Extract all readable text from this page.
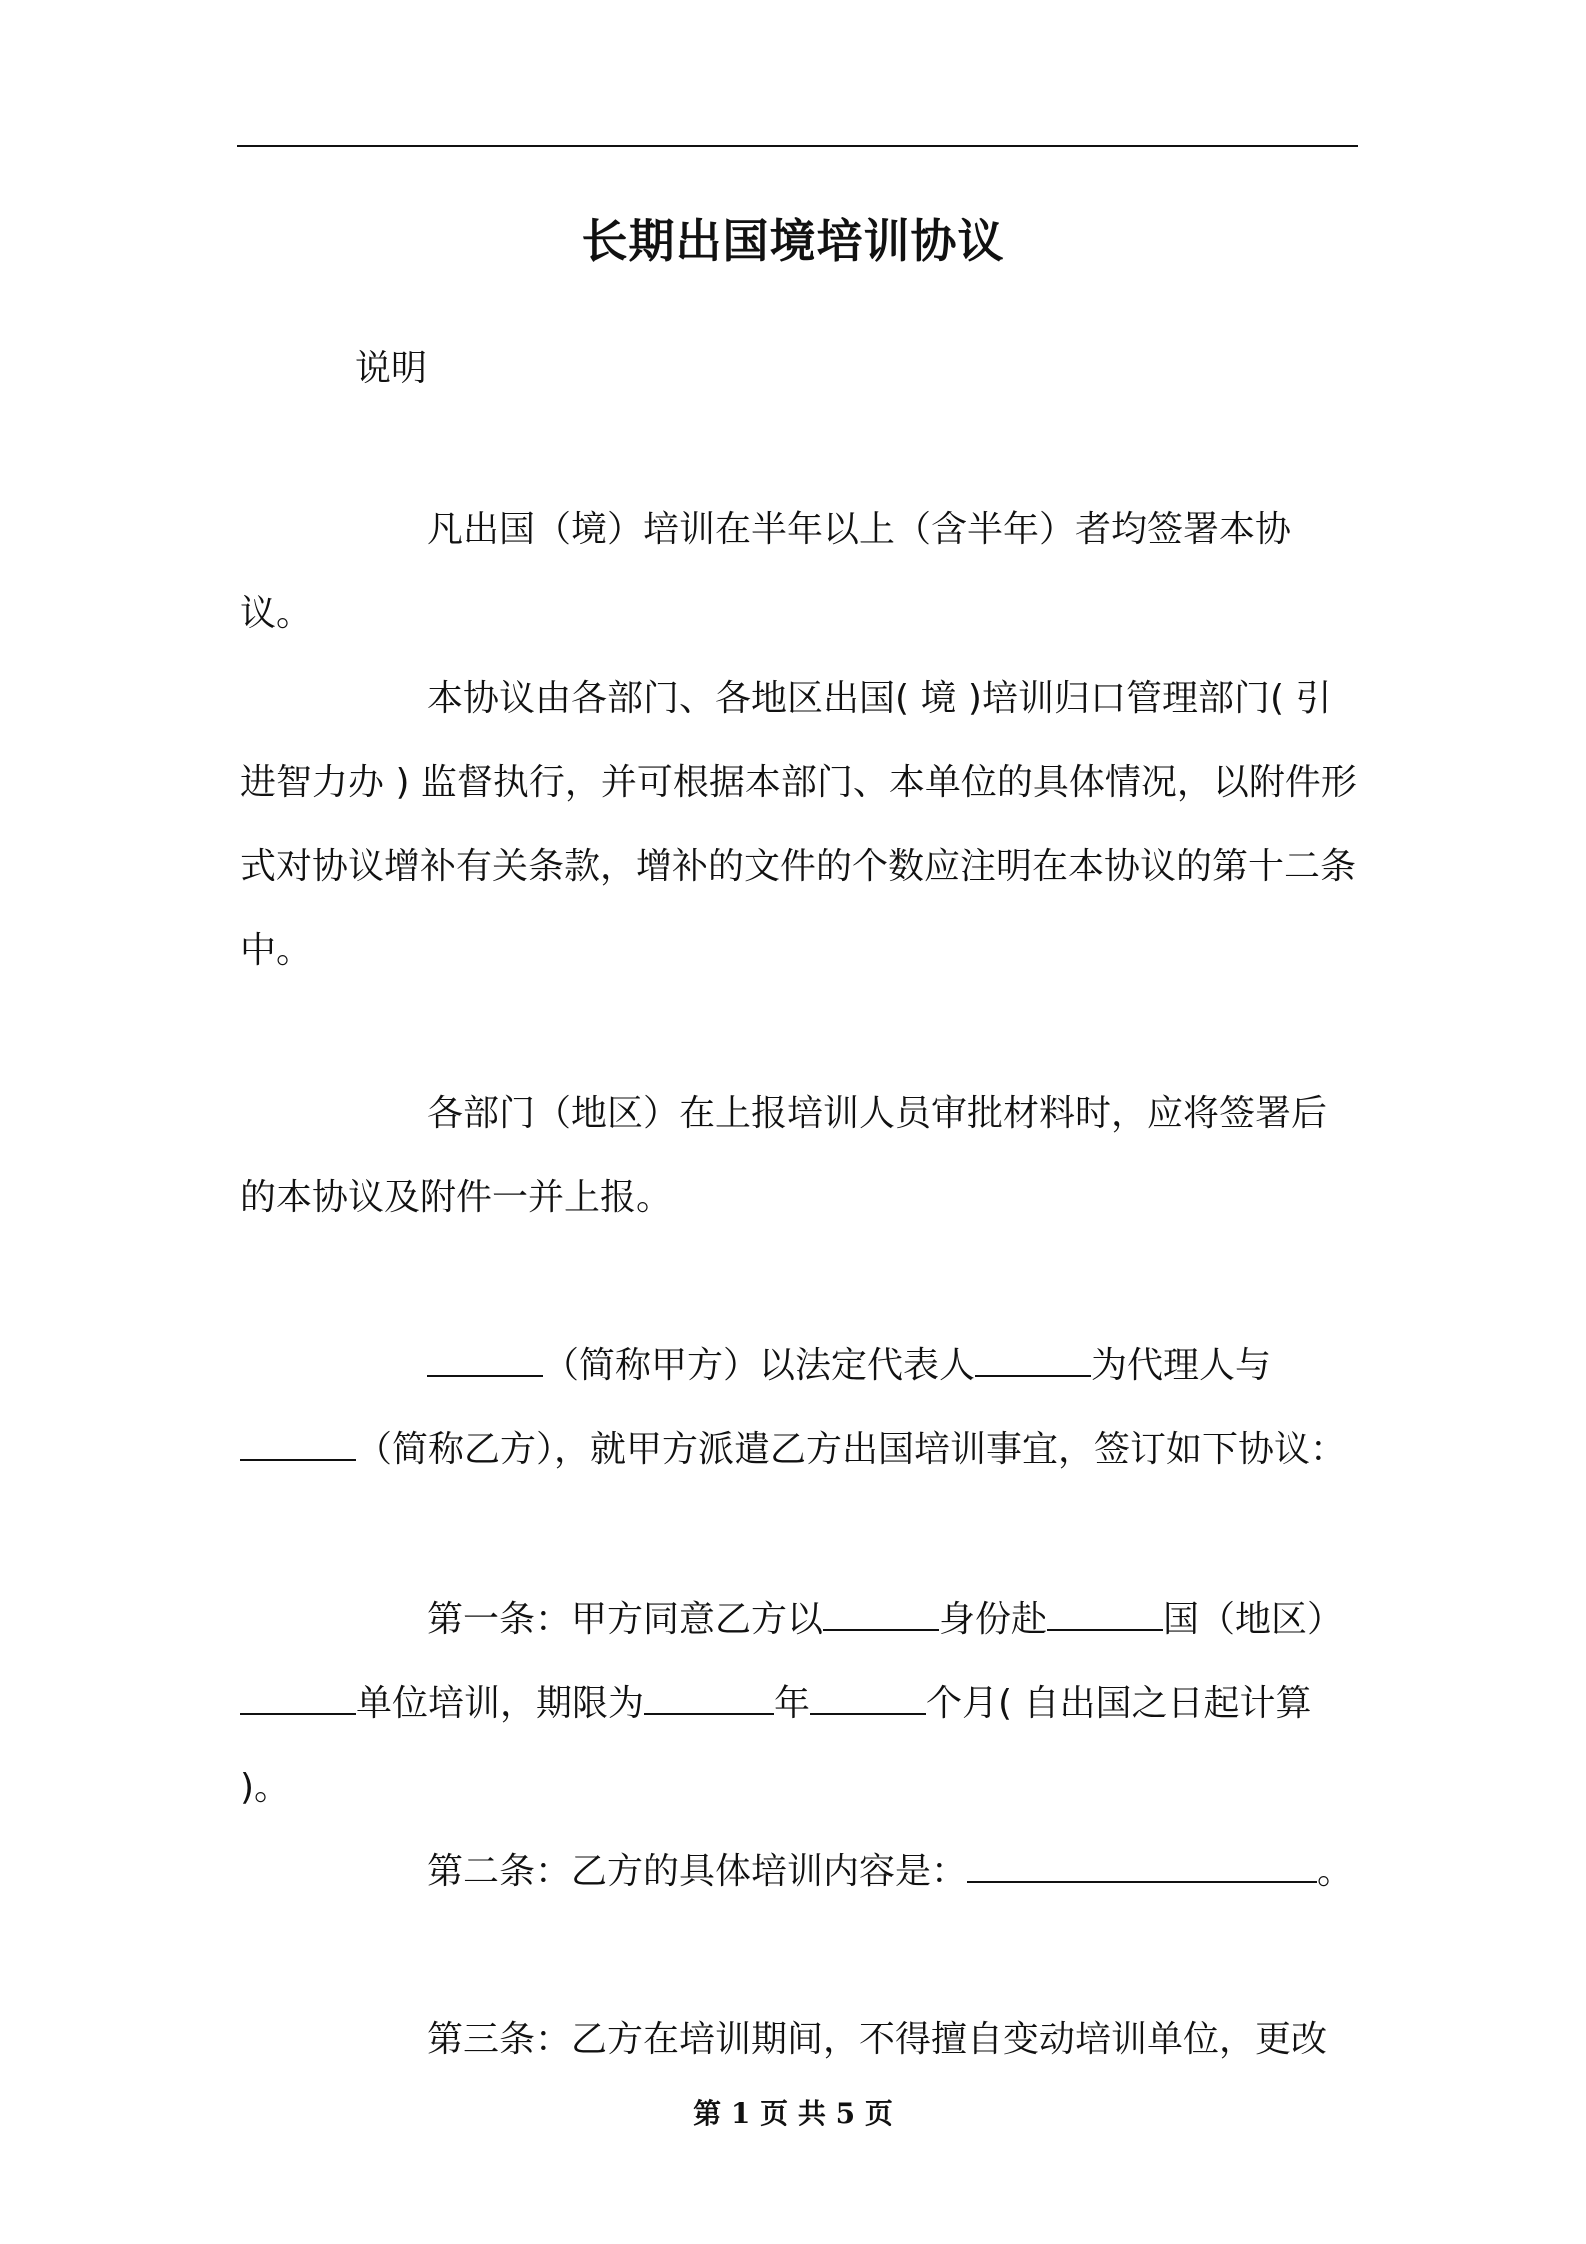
长期出国境培训协议
说明

凡出国（境）培训在半年以上（含半年）者均签署本协议。

本协议由各部门、各地区出国( 境 )培训归口管理部门( 引进智力办 ) 监督执行，并可根据本部门、本单位的具体情况，以附件形式对协议增补有关条款，增补的文件的个数应注明在本协议的第十二条中。

各部门（地区）在上报培训人员审批材料时，应将签署后的本协议及附件一并上报。

（简称甲方）以法定代表人	为代理人与
（简称乙方），就甲方派遣乙方出国培训事宜，签订如下协议：

第一条：甲方同意乙方以	身份赴	国（地区）
单位培训，期限为	年	个月( 自出国之日起计算 )。

第二条：乙方的具体培训内容是：	。

第三条：乙方在培训期间，不得擅自变动培训单位，更改

第 1 页 共 5 页
